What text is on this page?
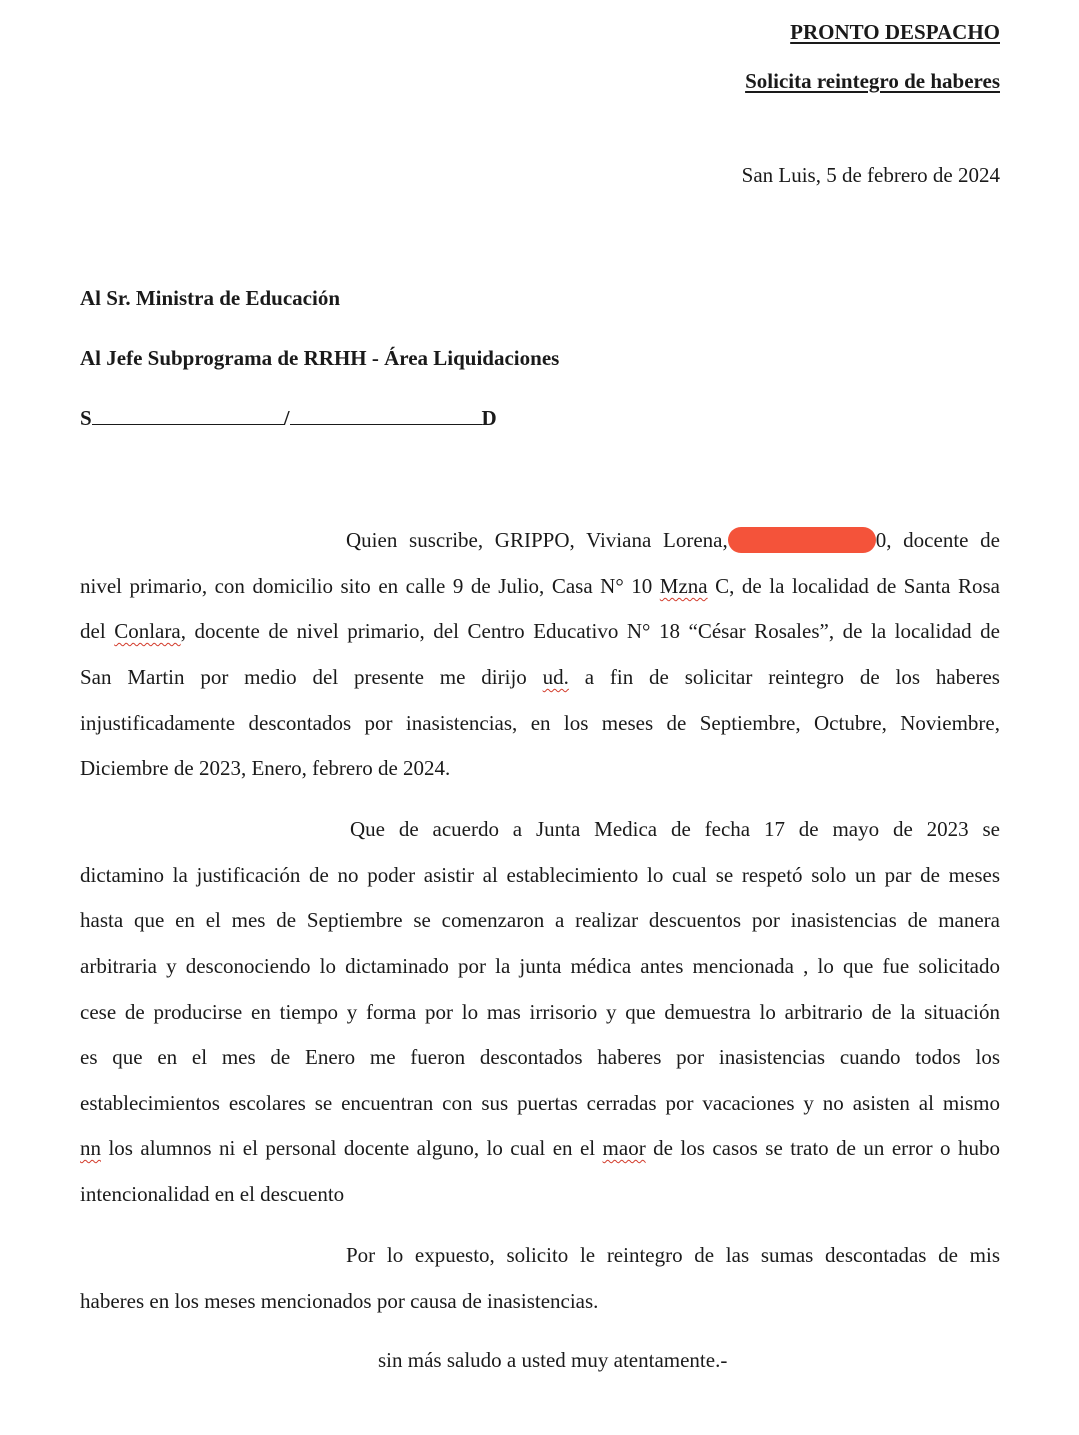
PRONTO DESPACHO
Solicita reintegro de haberes
San Luis, 5 de febrero de 2024
Al Sr. Ministra de Educación
Al Jefe Subprograma de RRHH - Área Liquidaciones
S	/	D
Quien suscribe, GRIPPO, Viviana Lorena,	0, docente de
nivel primario, con domicilio sito en calle 9 de Julio, Casa N° 10 Mzna C, de la localidad de Santa Rosa
del Conlara, docente de nivel primario, del Centro Educativo N° 18 “César Rosales”, de la localidad de
San Martin por medio del presente me dirijo ud. a fin de solicitar reintegro de los haberes
injustificadamente descontados por inasistencias, en los meses de Septiembre, Octubre, Noviembre,
Diciembre de 2023, Enero, febrero de 2024.
Que de acuerdo a Junta Medica de fecha 17 de mayo de 2023 se
dictamino la justificación de no poder asistir al establecimiento lo cual se respetó solo un par de meses
hasta que en el mes de Septiembre se comenzaron a realizar descuentos por inasistencias de manera
arbitraria y desconociendo lo dictaminado por la junta médica antes mencionada , lo que fue solicitado
cese de producirse en tiempo y forma por lo mas irrisorio y que demuestra lo arbitrario de la situación
es que en el mes de Enero me fueron descontados haberes por inasistencias cuando todos los
establecimientos escolares se encuentran con sus puertas cerradas por vacaciones y no asisten al mismo
nn los alumnos ni el personal docente alguno, lo cual en el maor de los casos se trato de un error o hubo
intencionalidad en el descuento
Por lo expuesto, solicito le reintegro de las sumas descontadas de mis
haberes en los meses mencionados por causa de inasistencias.
sin más saludo a usted muy atentamente.-
